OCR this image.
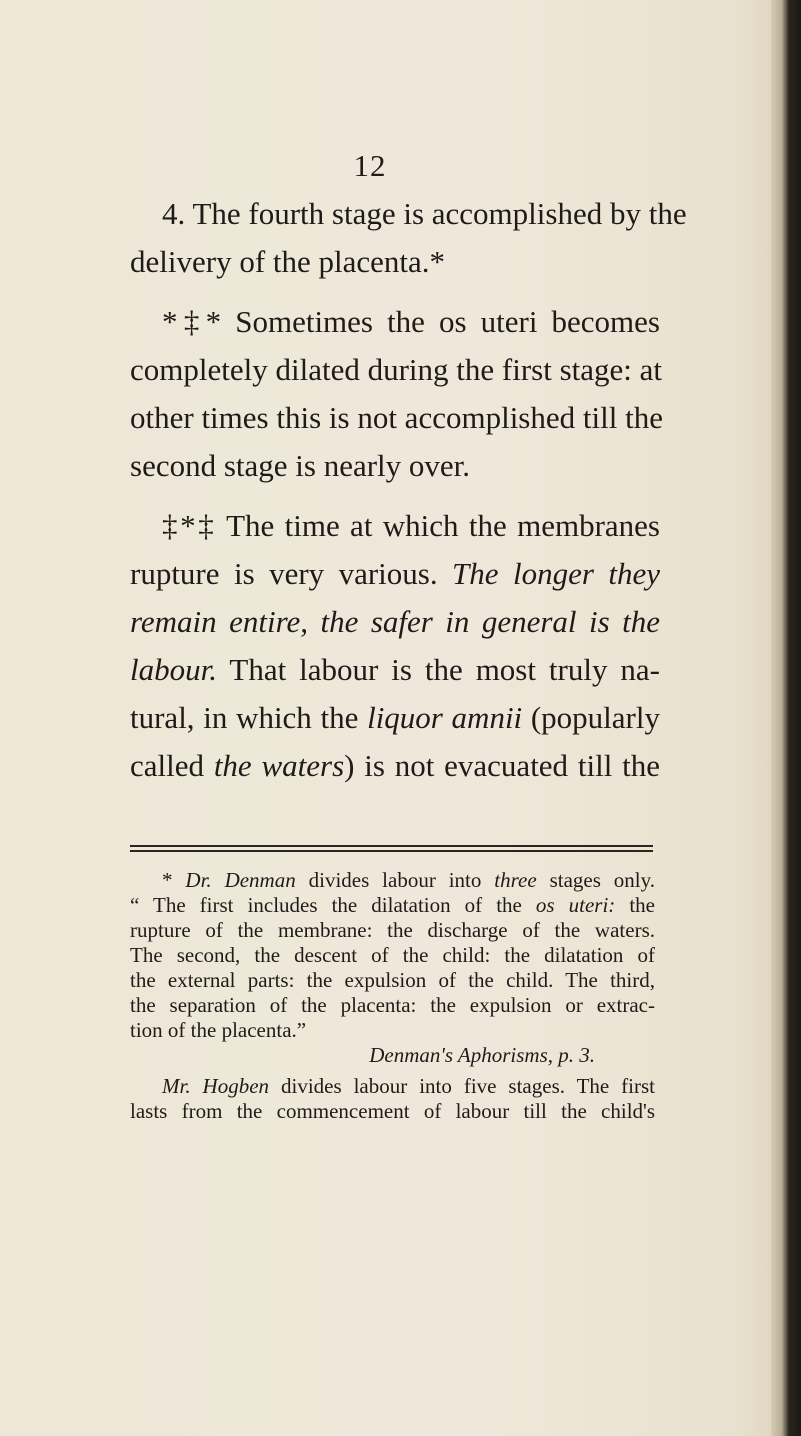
12
4. The fourth stage is accomplished by the
delivery of the placenta.*
*‡* Sometimes the os uteri becomes
completely dilated during the first stage: at
other times this is not accomplished till the
second stage is nearly over.
‡*‡ The time at which the membranes
rupture is very various. The longer they
remain entire, the safer in general is the
labour. That labour is the most truly na-
tural, in which the liquor amnii (popularly
called the waters) is not evacuated till the
* Dr. Denman divides labour into three stages only.
“ The first includes the dilatation of the os uteri: the
rupture of the membrane: the discharge of the waters.
The second, the descent of the child: the dilatation of
the external parts: the expulsion of the child. The third,
the separation of the placenta: the expulsion or extrac-
tion of the placenta.”
Denman's Aphorisms, p. 3.
Mr. Hogben divides labour into five stages. The first
lasts from the commencement of labour till the child's
